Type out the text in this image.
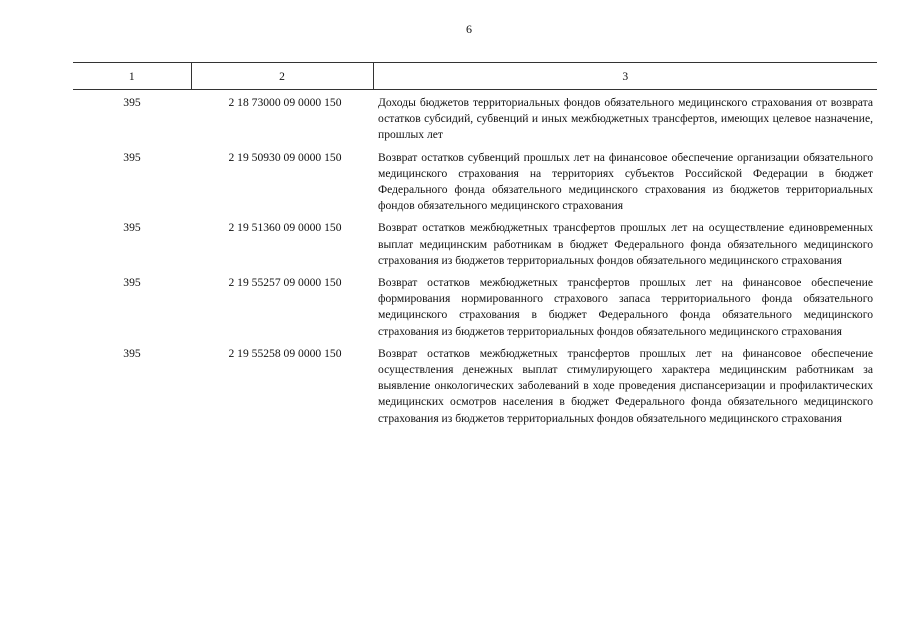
6
1	2	3
395	2 18 73000 09 0000 150	Доходы бюджетов территориальных фондов обязательного медицинского страхования от возврата остатков субсидий, субвенций и иных межбюджетных трансфертов, имеющих целевое назначение, прошлых лет
395	2 19 50930 09 0000 150	Возврат остатков субвенций прошлых лет на финансовое обеспечение организации обязательного медицинского страхования на территориях субъектов Российской Федерации в бюджет Федерального фонда обязательного медицинского страхования из бюджетов территориальных фондов обязательного медицинского страхования
395	2 19 51360 09 0000 150	Возврат остатков межбюджетных трансфертов прошлых лет на осуществление единовременных выплат медицинским работникам в бюджет Федерального фонда обязательного медицинского страхования из бюджетов территориальных фондов обязательного медицинского страхования
395	2 19 55257 09 0000 150	Возврат остатков межбюджетных трансфертов прошлых лет на финансовое обеспечение формирования нормированного страхового запаса территориального фонда обязательного медицинского страхования в бюджет Федерального фонда обязательного медицинского страхования из бюджетов территориальных фондов обязательного медицинского страхования
395	2 19 55258 09 0000 150	Возврат остатков межбюджетных трансфертов прошлых лет на финансовое обеспечение осуществления денежных выплат стимулирующего характера медицинским работникам за выявление онкологических заболеваний в ходе проведения диспансеризации и профилактических медицинских осмотров населения в бюджет Федерального фонда обязательного медицинского страхования из бюджетов территориальных фондов обязательного медицинского страхования
